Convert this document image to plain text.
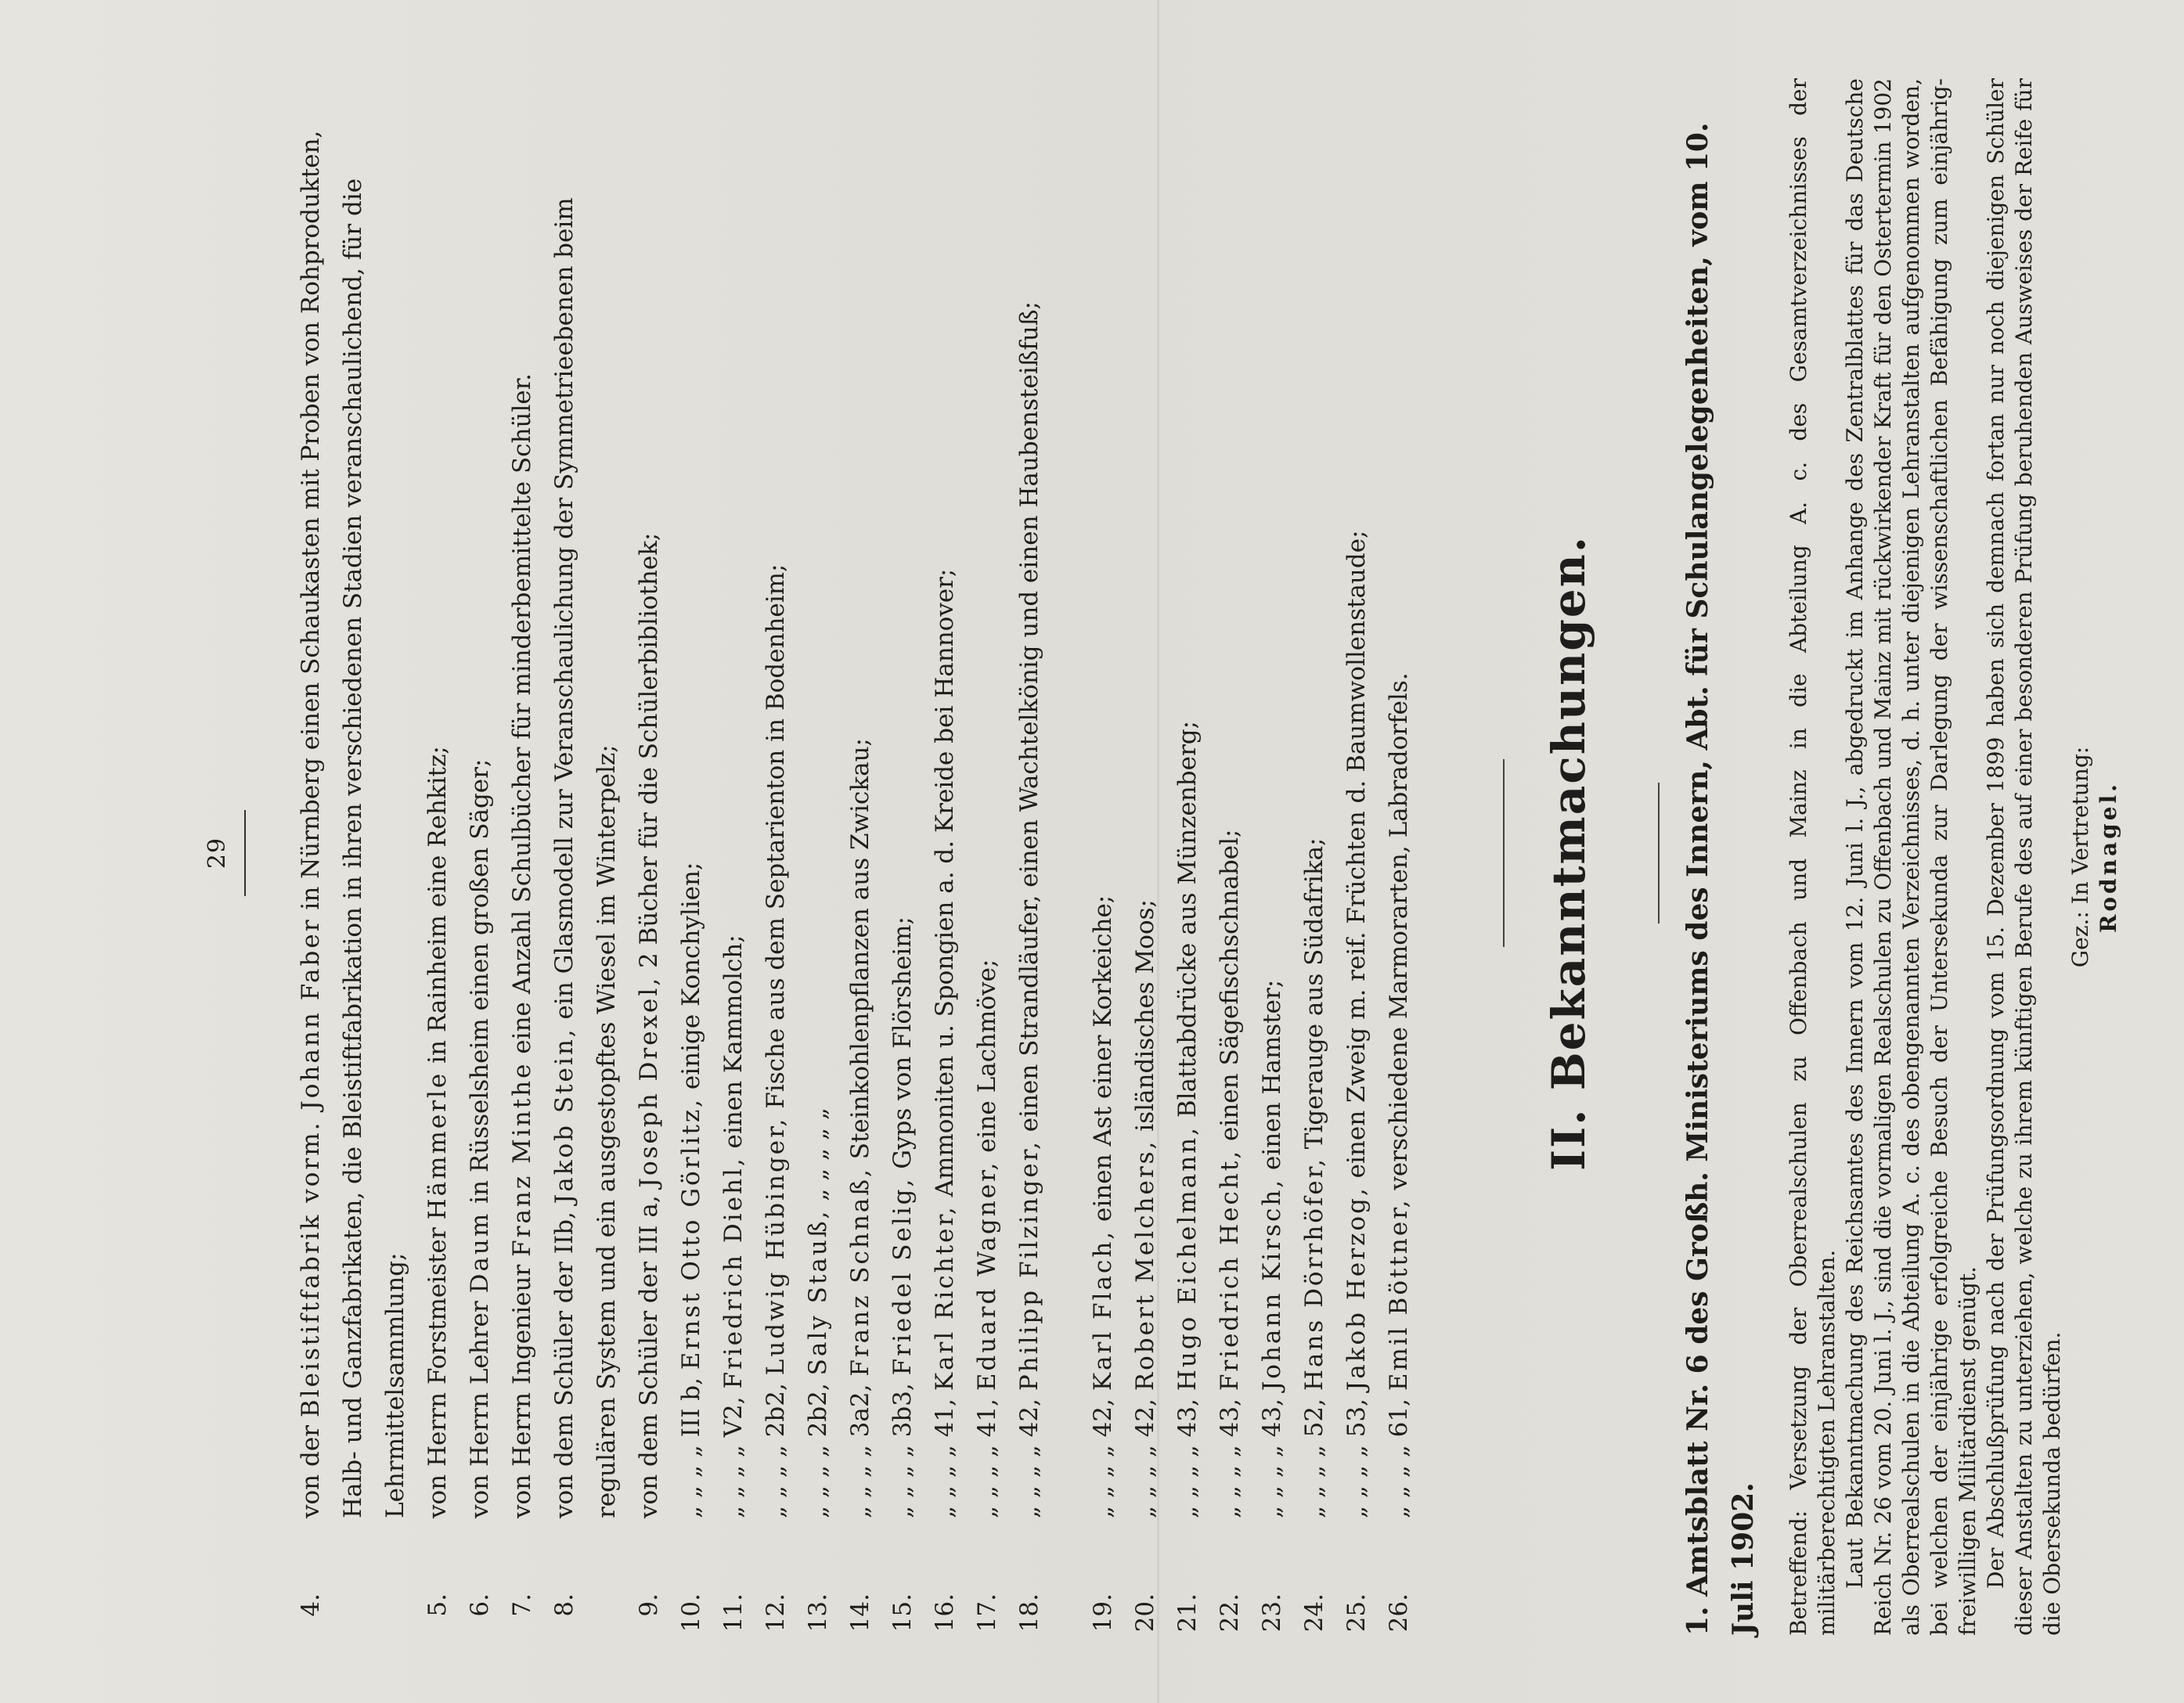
29
4.
von der Bleistiftfabrik vorm. Johann Faber in Nürnberg einen Schaukasten mit Proben von Rohprodukten, Halb- und Ganzfabrikaten, die Bleistiftfabrikation in ihren verschiedenen Stadien veranschaulichend, für die Lehrmittelsammlung;
5.
von Herrn Forstmeister Hämmerle in Rainheim eine Rehkitz;
6.
von Herrn Lehrer Daum in Rüsselsheim einen großen Säger;
7.
von Herrn Ingenieur Franz Minthe eine Anzahl Schulbücher für minderbemittelte Schüler.
8.
von dem Schüler der IIb, Jakob Stein, ein Glasmodell zur Veranschaulichung der Symmetrieebenen beim regulären System und ein ausgestopftes Wiesel im Winterpelz;
9.
von dem Schüler der III a, Joseph Drexel, 2 Bücher für die Schülerbibliothek;
10.
„ „ „ „ III b, Ernst Otto Görlitz, einige Konchylien;
11.
„ „ „ „ V2, Friedrich Diehl, einen Kammolch;
12.
„ „ „ „ 2b2, Ludwig Hübinger, Fische aus dem Septarienton in Bodenheim;
13.
„ „ „ „ 2b2, Saly Stauß, „ „ „ „ „
14.
„ „ „ „ 3a2, Franz Schnaß, Steinkohlenpflanzen aus Zwickau;
15.
„ „ „ „ 3b3, Friedel Selig, Gyps von Flörsheim;
16.
„ „ „ „ 41, Karl Richter, Ammoniten u. Spongien a. d. Kreide bei Hannover;
17.
„ „ „ „ 41, Eduard Wagner, eine Lachmöve;
18.
„ „ „ „ 42, Philipp Filzinger, einen Strandläufer, einen Wachtelkönig und einen Haubensteißfuß;
19.
„ „ „ „ 42, Karl Flach, einen Ast einer Korkeiche;
20.
„ „ „ „ 42, Robert Melchers, isländisches Moos;
21.
„ „ „ „ 43, Hugo Eichelmann, Blattabdrücke aus Münzenberg;
22.
„ „ „ „ 43, Friedrich Hecht, einen Sägefischschnabel;
23.
„ „ „ „ 43, Johann Kirsch, einen Hamster;
24.
„ „ „ „ 52, Hans Dörrhöfer, Tigerauge aus Südafrika;
25.
„ „ „ „ 53, Jakob Herzog, einen Zweig m. reif. Früchten d. Baumwollenstaude;
26.
„ „ „ „ 61, Emil Böttner, verschiedene Marmorarten, Labradorfels.	II. Bekanntmachungen.	1. Amtsblatt Nr. 6 des Großh. Ministeriums des Innern, Abt. für Schulangelegenheiten, vom 10. Juli 1902. Betreffend: Versetzung der Oberrealschulen zu Offenbach und Mainz in die Abteilung A. c. des Gesamtverzeichnisses der militärberechtigten Lehranstalten. Laut Bekanntmachung des Reichsamtes des Innern vom 12. Juni l. J., abgedruckt im Anhange des Zentralblattes für das Deutsche Reich Nr. 26 vom 20. Juni l. J., sind die vormaligen Realschulen zu Offenbach und Mainz mit rückwirkender Kraft für den Ostertermin 1902 als Oberrealschulen in die Abteilung A. c. des obengenannten Verzeichnisses, d. h. unter diejenigen Lehranstalten aufgenommen worden, bei welchen der einjährige erfolgreiche Besuch der Untersekunda zur Darlegung der wissenschaftlichen Befähigung zum einjährig-freiwilligen Militärdienst genügt. Der Abschlußprüfung nach der Prüfungsordnung vom 15. Dezember 1899 haben sich demnach fortan nur noch diejenigen Schüler dieser Anstalten zu unterziehen, welche zu ihrem künftigen Berufe des auf einer besonderen Prüfung beruhenden Ausweises der Reife für die Obersekunda bedürfen.

Gez.: In Vertretung: Rodnagel.
